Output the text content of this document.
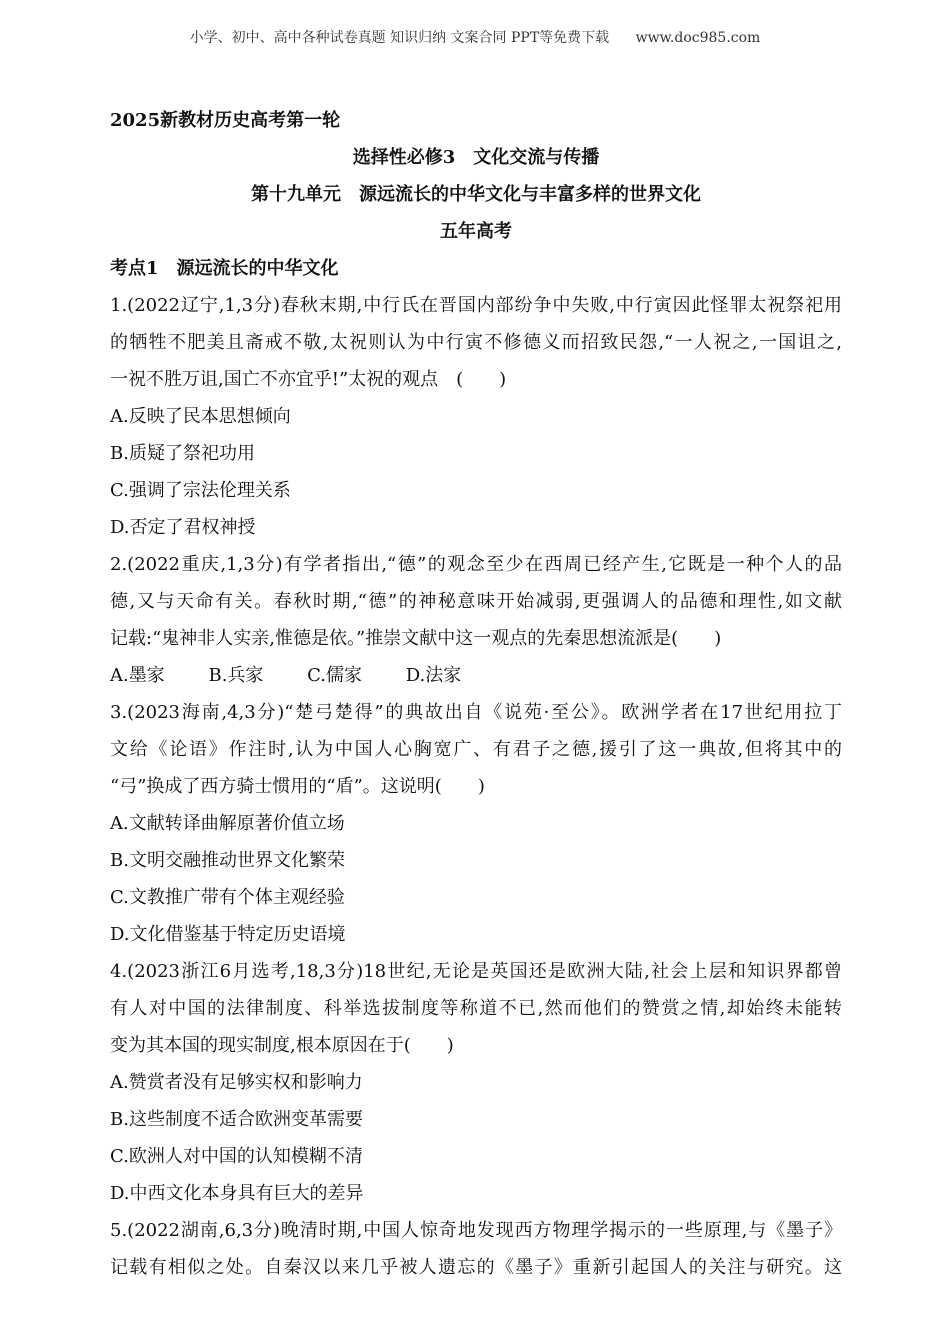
小学、初中、高中各种试卷真题 知识归纳 文案合同 PPT等免费下载 www.doc985.com
2025新教材历史高考第一轮
选择性必修3　文化交流与传播
第十九单元　源远流长的中华文化与丰富多样的世界文化
五年高考
考点1　源远流长的中华文化
1.(2022辽宁,1,3分)春秋末期,中行氏在晋国内部纷争中失败,中行寅因此怪罪太祝祭祀用
的牺牲不肥美且斋戒不敬,太祝则认为中行寅不修德义而招致民怨,“一人祝之,一国诅之,
一祝不胜万诅,国亡不亦宜乎!”太祝的观点　(　　)
A.反映了民本思想倾向
B.质疑了祭祀功用
C.强调了宗法伦理关系
D.否定了君权神授
2.(2022重庆,1,3分)有学者指出,“德”的观念至少在西周已经产生,它既是一种个人的品
德,又与天命有关。春秋时期,“德”的神秘意味开始减弱,更强调人的品德和理性,如文献
记载:“鬼神非人实亲,惟德是依。”推崇文献中这一观点的先秦思想流派是(　　)
A.墨家 B.兵家 C.儒家 D.法家
3.(2023海南,4,3分)“楚弓楚得”的典故出自《说苑·至公》。欧洲学者在17世纪用拉丁
文给《论语》作注时,认为中国人心胸宽广、有君子之德,援引了这一典故,但将其中的
“弓”换成了西方骑士惯用的“盾”。这说明(　　)
A.文献转译曲解原著价值立场
B.文明交融推动世界文化繁荣
C.文教推广带有个体主观经验
D.文化借鉴基于特定历史语境
4.(2023浙江6月选考,18,3分)18世纪,无论是英国还是欧洲大陆,社会上层和知识界都曾
有人对中国的法律制度、科举选拔制度等称道不已,然而他们的赞赏之情,却始终未能转
变为其本国的现实制度,根本原因在于(　　)
A.赞赏者没有足够实权和影响力
B.这些制度不适合欧洲变革需要
C.欧洲人对中国的认知模糊不清
D.中西文化本身具有巨大的差异
5.(2022湖南,6,3分)晚清时期,中国人惊奇地发现西方物理学揭示的一些原理,与《墨子》
记载有相似之处。自秦汉以来几乎被人遗忘的《墨子》重新引起国人的关注与研究。这
